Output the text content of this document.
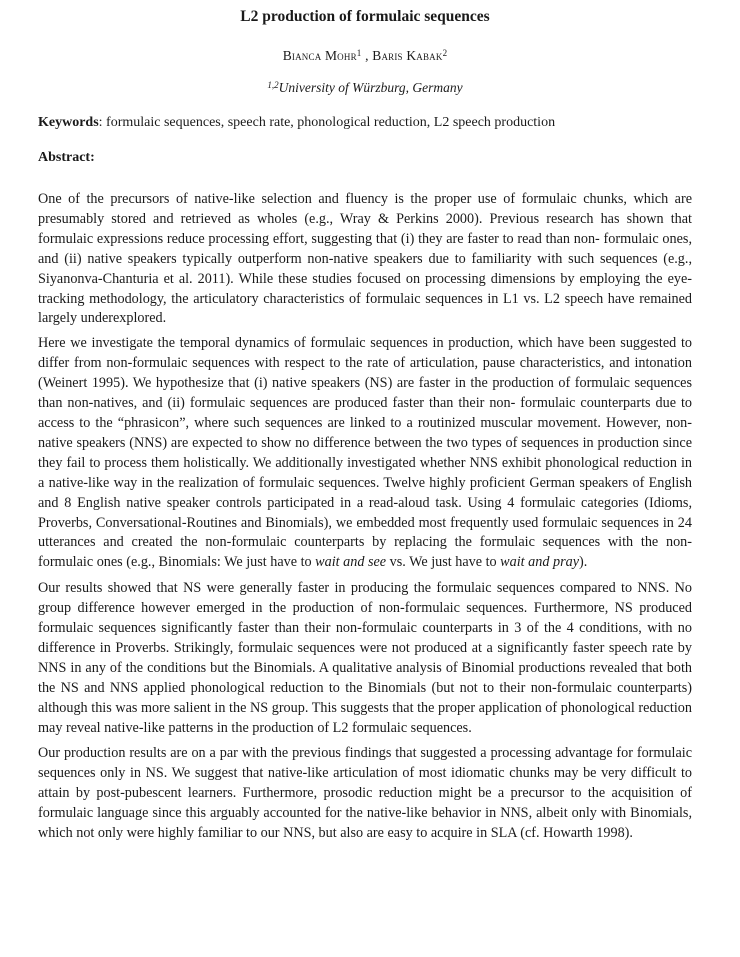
L2 production of formulaic sequences
Bianca Mohr$^1$ , Baris Kabak$^2$
$^{1,2}$University of Würzburg, Germany
Keywords: formulaic sequences, speech rate, phonological reduction, L2 speech production
Abstract:

One of the precursors of native-like selection and fluency is the proper use of formulaic chunks, which are presumably stored and retrieved as wholes (e.g., Wray & Perkins 2000). Previous research has shown that formulaic expressions reduce processing effort, suggesting that (i) they are faster to read than non- formulaic ones, and (ii) native speakers typically outperform non-native speakers due to familiarity with such sequences (e.g., Siyanonva-Chanturia et al. 2011). While these studies focused on processing dimensions by employing the eye-tracking methodology, the articulatory characteristics of formulaic sequences in L1 vs. L2 speech have remained largely underexplored.

Here we investigate the temporal dynamics of formulaic sequences in production, which have been suggested to differ from non-formulaic sequences with respect to the rate of articulation, pause characteristics, and intonation (Weinert 1995). We hypothesize that (i) native speakers (NS) are faster in the production of formulaic sequences than non-natives, and (ii) formulaic sequences are produced faster than their non- formulaic counterparts due to access to the “phrasicon”, where such sequences are linked to a routinized muscular movement. However, non-native speakers (NNS) are expected to show no difference between the two types of sequences in production since they fail to process them holistically. We additionally investigated whether NNS exhibit phonological reduction in a native-like way in the realization of formulaic sequences. Twelve highly proficient German speakers of English and 8 English native speaker controls participated in a read-aloud task. Using 4 formulaic categories (Idioms, Proverbs, Conversational-Routines and Binomials), we embedded most frequently used formulaic sequences in 24 utterances and created the non-formulaic counterparts by replacing the formulaic sequences with the non-formulaic ones (e.g., Binomials: We just have to wait and see vs. We just have to wait and pray).

Our results showed that NS were generally faster in producing the formulaic sequences compared to NNS. No group difference however emerged in the production of non-formulaic sequences. Furthermore, NS produced formulaic sequences significantly faster than their non-formulaic counterparts in 3 of the 4 conditions, with no difference in Proverbs. Strikingly, formulaic sequences were not produced at a significantly faster speech rate by NNS in any of the conditions but the Binomials. A qualitative analysis of Binomial productions revealed that both the NS and NNS applied phonological reduction to the Binomials (but not to their non-formulaic counterparts) although this was more salient in the NS group. This suggests that the proper application of phonological reduction may reveal native-like patterns in the production of L2 formulaic sequences.

Our production results are on a par with the previous findings that suggested a processing advantage for formulaic sequences only in NS. We suggest that native-like articulation of most idiomatic chunks may be very difficult to attain by post-pubescent learners. Furthermore, prosodic reduction might be a precursor to the acquisition of formulaic language since this arguably accounted for the native-like behavior in NNS, albeit only with Binomials, which not only were highly familiar to our NNS, but also are easy to acquire in SLA (cf. Howarth 1998).
